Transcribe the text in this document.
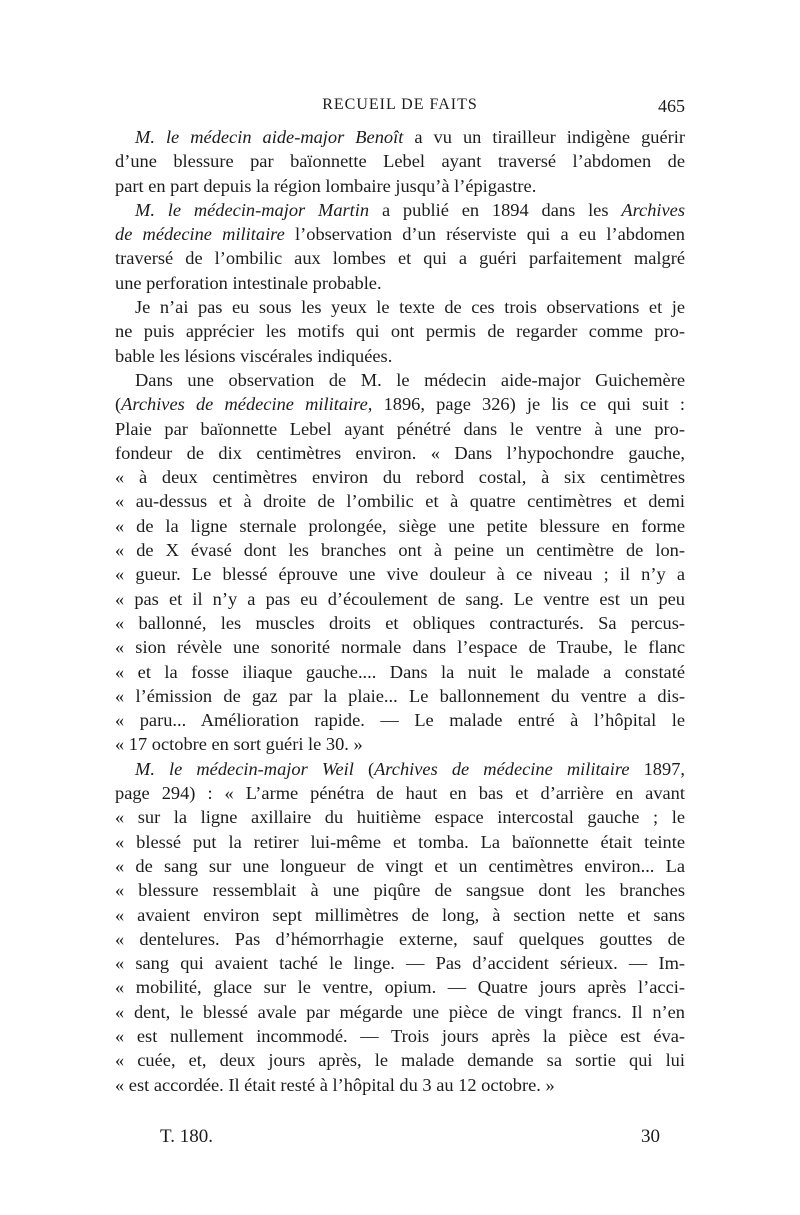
RECUEIL DE FAITS	465
M. le médecin aide-major Benoît a vu un tirailleur indigène guérir
d’une blessure par baïonnette Lebel ayant traversé l’abdomen de
part en part depuis la région lombaire jusqu’à l’épigastre.
M. le médecin-major Martin a publié en 1894 dans les Archives
de médecine militaire l’observation d’un réserviste qui a eu l’abdomen
traversé de l’ombilic aux lombes et qui a guéri parfaitement malgré
une perforation intestinale probable.
Je n’ai pas eu sous les yeux le texte de ces trois observations et je
ne puis apprécier les motifs qui ont permis de regarder comme pro-
bable les lésions viscérales indiquées.
Dans une observation de M. le médecin aide-major Guichemère
(Archives de médecine militaire, 1896, page 326) je lis ce qui suit :
Plaie par baïonnette Lebel ayant pénétré dans le ventre à une pro-
fondeur de dix centimètres environ. « Dans l’hypochondre gauche,
« à deux centimètres environ du rebord costal, à six centimètres
« au-dessus et à droite de l’ombilic et à quatre centimètres et demi
« de la ligne sternale prolongée, siège une petite blessure en forme
« de X évasé dont les branches ont à peine un centimètre de lon-
« gueur. Le blessé éprouve une vive douleur à ce niveau ; il n’y a
« pas et il n’y a pas eu d’écoulement de sang. Le ventre est un peu
« ballonné, les muscles droits et obliques contracturés. Sa percus-
« sion révèle une sonorité normale dans l’espace de Traube, le flanc
« et la fosse iliaque gauche.... Dans la nuit le malade a constaté
« l’émission de gaz par la plaie... Le ballonnement du ventre a dis-
« paru... Amélioration rapide. — Le malade entré à l’hôpital le
« 17 octobre en sort guéri le 30. »
M. le médecin-major Weil (Archives de médecine militaire 1897,
page 294) : « L’arme pénétra de haut en bas et d’arrière en avant
« sur la ligne axillaire du huitième espace intercostal gauche ; le
« blessé put la retirer lui-même et tomba. La baïonnette était teinte
« de sang sur une longueur de vingt et un centimètres environ... La
« blessure ressemblait à une piqûre de sangsue dont les branches
« avaient environ sept millimètres de long, à section nette et sans
« dentelures. Pas d’hémorrhagie externe, sauf quelques gouttes de
« sang qui avaient taché le linge. — Pas d’accident sérieux. — Im-
« mobilité, glace sur le ventre, opium. — Quatre jours après l’acci-
« dent, le blessé avale par mégarde une pièce de vingt francs. Il n’en
« est nullement incommodé. — Trois jours après la pièce est éva-
« cuée, et, deux jours après, le malade demande sa sortie qui lui
« est accordée. Il était resté à l’hôpital du 3 au 12 octobre. »
T. 180.	30
